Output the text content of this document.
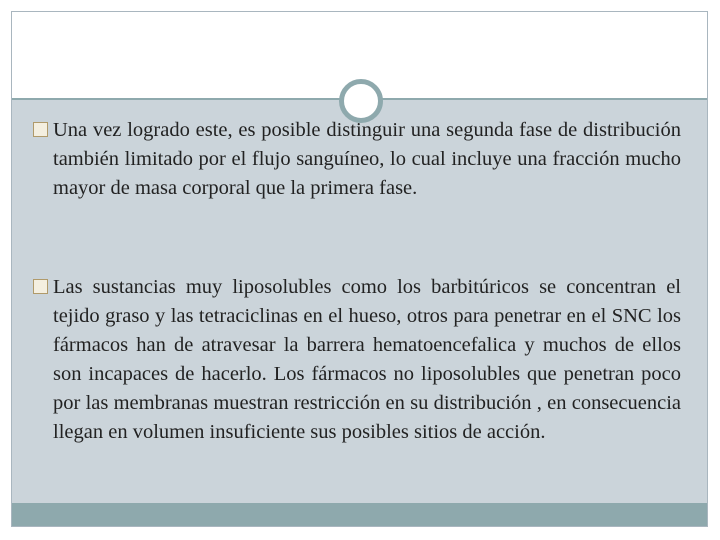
Una vez logrado este, es posible distinguir una segunda fase de distribución también limitado por el flujo sanguíneo, lo cual incluye una fracción mucho mayor de masa corporal que la primera fase.
Las sustancias muy liposolubles como los barbitúricos se concentran el tejido graso y las tetraciclinas en el hueso, otros para penetrar en el SNC los fármacos han de atravesar la barrera hematoencefalica y muchos de ellos son incapaces de hacerlo. Los fármacos no liposolubles que penetran poco por las membranas muestran restricción en su distribución , en consecuencia llegan en volumen insuficiente sus posibles sitios de acción.
